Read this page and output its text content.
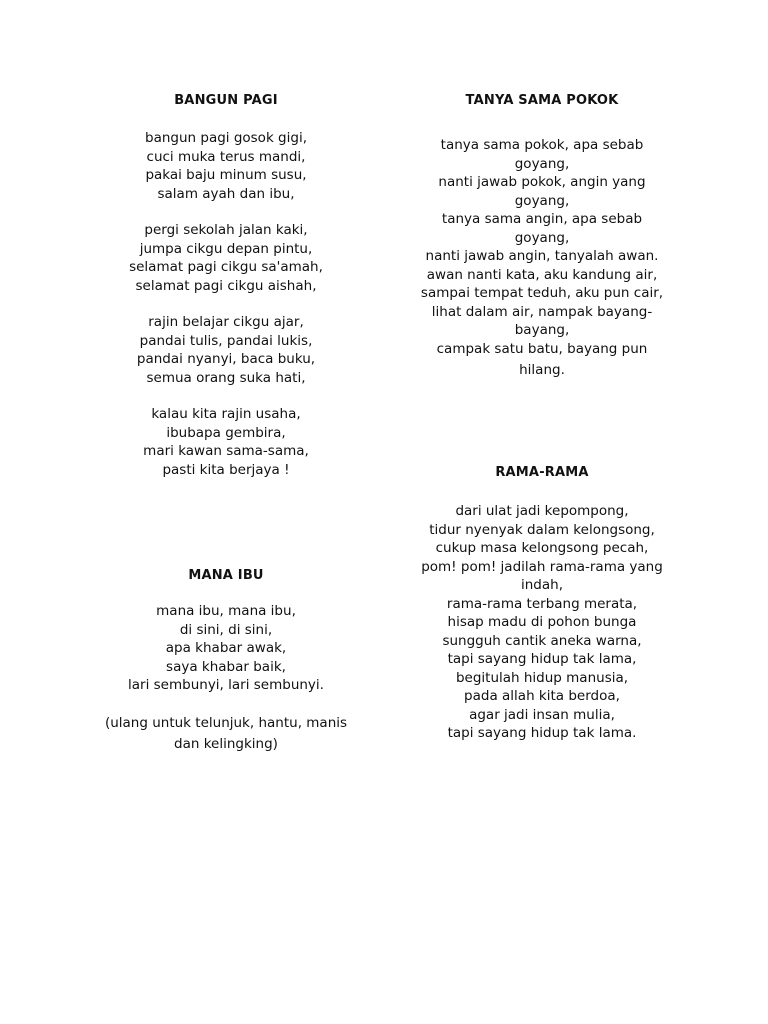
BANGUN PAGI

bangun pagi gosok gigi,
cuci muka terus mandi,
pakai baju minum susu,
salam ayah dan ibu,
pergi sekolah jalan kaki,
jumpa cikgu depan pintu,
selamat pagi cikgu sa'amah,
selamat pagi cikgu aishah,
rajin belajar cikgu ajar,
pandai tulis, pandai lukis,
pandai nyanyi, baca buku,
semua orang suka hati,
kalau kita rajin usaha,
ibubapa gembira,
mari kawan sama-sama,
pasti kita berjaya !

TANYA SAMA POKOK

tanya sama pokok, apa sebab
goyang,
nanti jawab pokok, angin yang
goyang,
tanya sama angin, apa sebab
goyang,
nanti jawab angin, tanyalah awan.
awan nanti kata, aku kandung air,
sampai tempat teduh, aku pun cair,
lihat dalam air, nampak bayang-
bayang,
campak satu batu, bayang pun
hilang.

MANA IBU

mana ibu, mana ibu,
di sini, di sini,
apa khabar awak,
saya khabar baik,
lari sembunyi, lari sembunyi.
(ulang untuk telunjuk, hantu, manis
dan kelingking)

RAMA-RAMA

dari ulat jadi kepompong,
tidur nyenyak dalam kelongsong,
cukup masa kelongsong pecah,
pom! pom! jadilah rama-rama yang
indah,
rama-rama terbang merata,
hisap madu di pohon bunga
sungguh cantik aneka warna,
tapi sayang hidup tak lama,
begitulah hidup manusia,
pada allah kita berdoa,
agar jadi insan mulia,
tapi sayang hidup tak lama.
